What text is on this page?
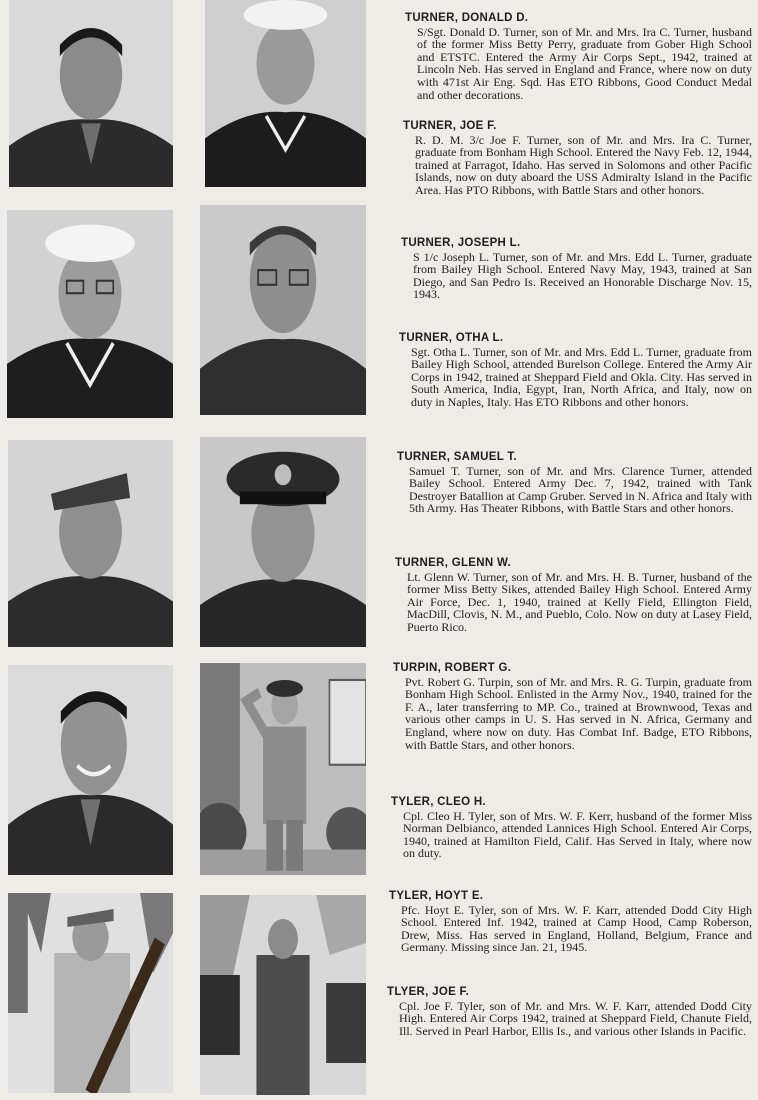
TURNER, DONALD D.
S/Sgt. Donald D. Turner, son of Mr. and Mrs. Ira C. Turner, husband of the former Miss Betty Perry, graduate from Gober High School and ETSTC. Entered the Army Air Corps Sept., 1942, trained at Lincoln Neb. Has served in England and France, where now on duty with 471st Air Eng. Sqd. Has ETO Ribbons, Good Conduct Medal and other decorations.
TURNER, JOE F.
R. D. M. 3/c Joe F. Turner, son of Mr. and Mrs. Ira C. Turner, graduate from Bonham High School. Entered the Navy Feb. 12, 1944, trained at Farragot, Idaho. Has served in Solomons and other Pacific Islands, now on duty aboard the USS Admiralty Island in the Pacific Area. Has PTO Ribbons, with Battle Stars and other honors.
TURNER, JOSEPH L.
S 1/c Joseph L. Turner, son of Mr. and Mrs. Edd L. Turner, graduate from Bailey High School. Entered Navy May, 1943, trained at San Diego, and San Pedro Is. Received an Honorable Discharge Nov. 15, 1943.
TURNER, OTHA L.
Sgt. Otha L. Turner, son of Mr. and Mrs. Edd L. Turner, graduate from Bailey High School, attended Burelson College. Entered the Army Air Corps in 1942, trained at Sheppard Field and Okla. City. Has served in South America, India, Egypt, Iran, North Africa, and Italy, now on duty in Naples, Italy. Has ETO Ribbons and other honors.
TURNER, SAMUEL T.
Samuel T. Turner, son of Mr. and Mrs. Clarence Turner, attended Bailey School. Entered Army Dec. 7, 1942, trained with Tank Destroyer Batallion at Camp Gruber. Served in N. Africa and Italy with 5th Army. Has Theater Ribbons, with Battle Stars and other honors.
TURNER, GLENN W.
Lt. Glenn W. Turner, son of Mr. and Mrs. H. B. Turner, husband of the former Miss Betty Sikes, attended Bailey High School. Entered Army Air Force, Dec. 1, 1940, trained at Kelly Field, Ellington Field, MacDill, Clovis, N. M., and Pueblo, Colo. Now on duty at Lasey Field, Puerto Rico.
TURPIN, ROBERT G.
Pvt. Robert G. Turpin, son of Mr. and Mrs. R. G. Turpin, graduate from Bonham High School. Enlisted in the Army Nov., 1940, trained for the F. A., later transferring to MP. Co., trained at Brownwood, Texas and various other camps in U. S. Has served in N. Africa, Germany and England, where now on duty. Has Combat Inf. Badge, ETO Ribbons, with Battle Stars, and other honors.
TYLER, CLEO H.
Cpl. Cleo H. Tyler, son of Mrs. W. F. Kerr, husband of the former Miss Norman Delbianco, attended Lannices High School. Entered Air Corps, 1940, trained at Hamilton Field, Calif. Has Served in Italy, where now on duty.
TYLER, HOYT E.
Pfc. Hoyt E. Tyler, son of Mrs. W. F. Karr, attended Dodd City High School. Entered Inf. 1942, trained at Camp Hood, Camp Roberson, Drew, Miss. Has served in England, Holland, Belgium, France and Germany. Missing since Jan. 21, 1945.
TLYER, JOE F.
Cpl. Joe F. Tyler, son of Mr. and Mrs. W. F. Karr, attended Dodd City High. Entered Air Corps 1942, trained at Sheppard Field, Chanute Field, Ill. Served in Pearl Harbor, Ellis Is., and various other Islands in Pacific.
